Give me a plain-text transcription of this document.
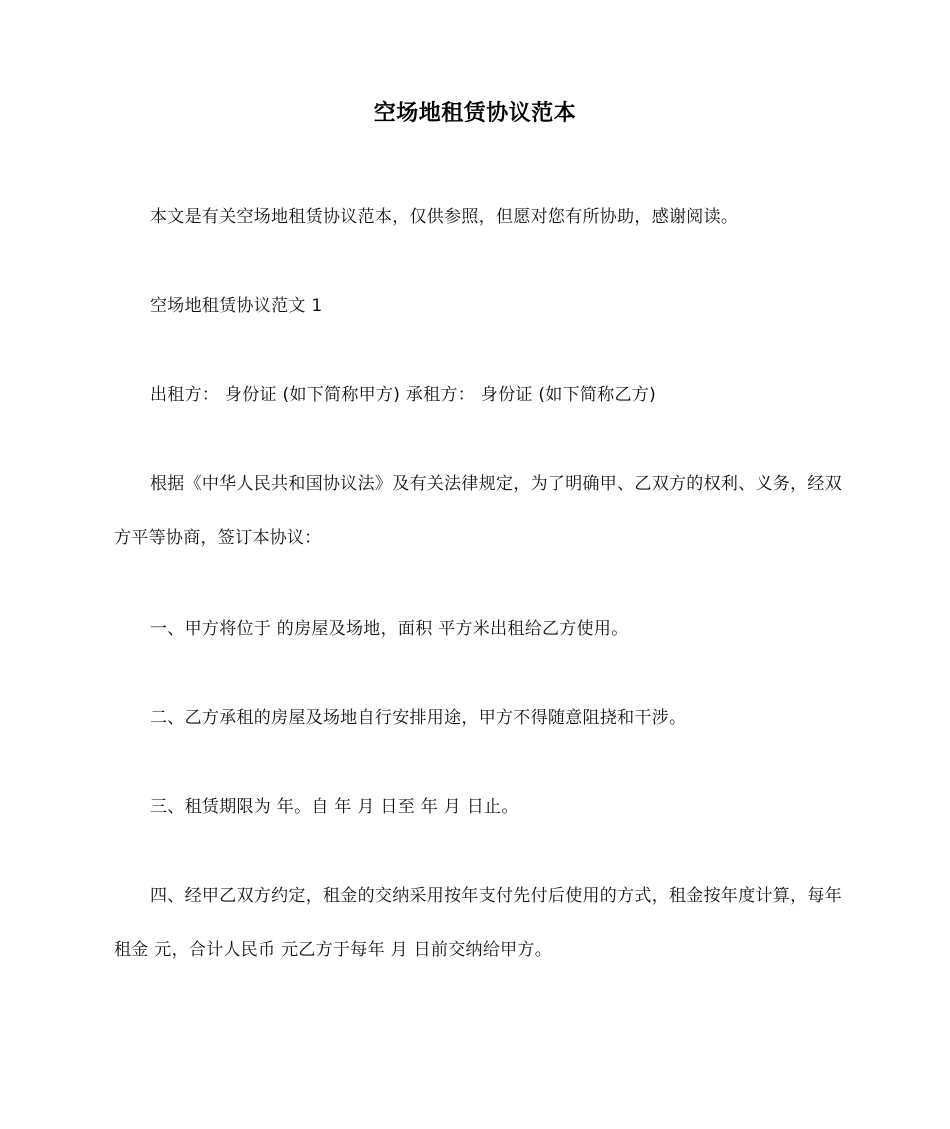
空场地租赁协议范本
本文是有关空场地租赁协议范本，仅供参照，但愿对您有所协助，感谢阅读。
空场地租赁协议范文 1
出租方： 身份证 (如下简称甲方) 承租方： 身份证 (如下简称乙方)
根据《中华人民共和国协议法》及有关法律规定，为了明确甲、乙双方的权利、义务，经双方平等协商，签订本协议：
一、甲方将位于 的房屋及场地，面积 平方米出租给乙方使用。
二、乙方承租的房屋及场地自行安排用途，甲方不得随意阻挠和干涉。
三、租赁期限为 年。自 年 月 日至 年 月 日止。
四、经甲乙双方约定，租金的交纳采用按年支付先付后使用的方式，租金按年度计算，每年租金 元，合计人民币 元乙方于每年 月 日前交纳给甲方。
